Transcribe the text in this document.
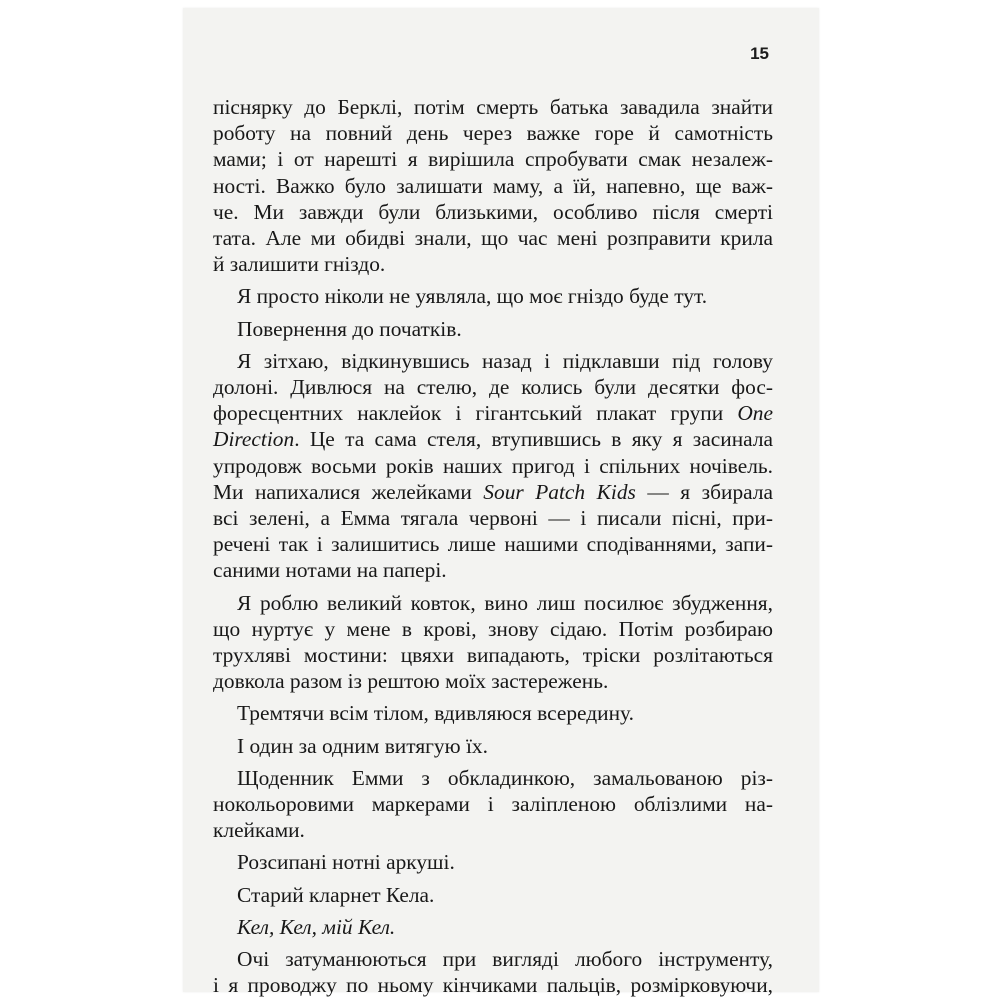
15

піснярку до Берклі, потім смерть батька завадила знайти
роботу на повний день через важке горе й самотність
мами; і от нарешті я вирішила спробувати смак незалеж-
ності. Важко було залишати маму, а їй, напевно, ще важ-
че. Ми завжди були близькими, особливо після смерті
тата. Але ми обидві знали, що час мені розправити крила
й залишити гніздо.

Я просто ніколи не уявляла, що моє гніздо буде тут.

Повернення до початків.

Я зітхаю, відкинувшись назад і підклавши під голову
долоні. Дивлюся на стелю, де колись були десятки фос-
форесцентних наклейок і гігантський плакат групи One
Direction. Це та сама стеля, втупившись в яку я засинала
упродовж восьми років наших пригод і спільних ночівель.
Ми напихалися желейками Sour Patch Kids — я збирала
всі зелені, а Емма тягала червоні — і писали пісні, при-
речені так і залишитись лише нашими сподіваннями, запи-
саними нотами на папері.

Я роблю великий ковток, вино лиш посилює збудження,
що нуртує у мене в крові, знову сідаю. Потім розбираю
трухляві мостини: цвяхи випадають, тріски розлітаються
довкола разом із рештою моїх застережень.

Тремтячи всім тілом, вдивляюся всередину.

І один за одним витягую їх.

Щоденник Емми з обкладинкою, замальованою різ-
нокольоровими маркерами і заліпленою облізлими на-
клейками.

Розсипані нотні аркуші.

Старий кларнет Кела.

Кел, Кел, мій Кел.

Очі затуманюються при вигляді любого інструменту,
і я проводжу по ньому кінчиками пальців, розмірковуючи,
